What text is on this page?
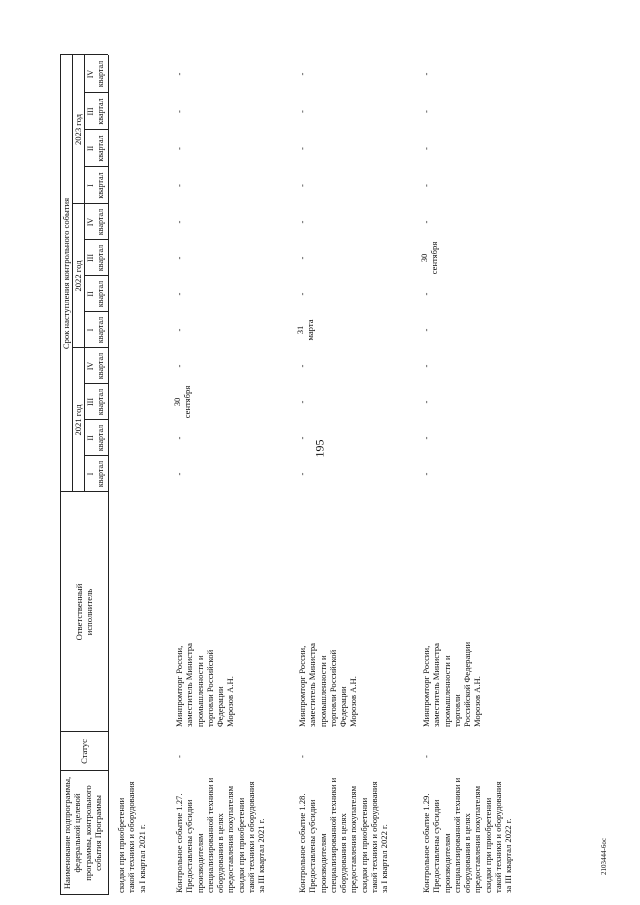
195
2103444-6ос
Наименование подпрограммы, федеральной целевой программы, контрольного события Программы
Статус
Ответственный исполнитель
Срок наступления контрольного события
2021 год
2022 год
2023 год
I квартал
II квартал
III квартал
IV квартал
I квартал
II квартал
III квартал
IV квартал
I квартал
II квартал
III квартал
IV квартал
скидки при приобретении такой техники и оборудования за I квартал 2021 г.	Контрольное событие 1.27. Предоставлены субсидии производителям специализированной техники и оборудования в целях предоставления покупателям скидки при приобретении такой техники и оборудования за III квартал 2021 г.
-
Минпромторг России, заместитель Министра промышленности и торговли Российской Федерации Морозов А.Н.
Контрольное событие 1.28. Предоставлены субсидии производителям специализированной техники и оборудования в целях предоставления покупателям скидки при приобретении такой техники и оборудования за I квартал 2022 г.
-
Минпромторг России, заместитель Министра промышленности и торговли Российской Федерации Морозов А.Н.
Контрольное событие 1.29. Предоставлены субсидии производителям специализированной техники и оборудования в целях предоставления покупателям скидки при приобретении такой техники и оборудования за III квартал 2022 г.
-
Минпромторг России, заместитель Министра промышленности и торговли Российской Федерации Морозов А.Н.
-
-
30 сентября
-
-
-
-
-
-
-
-
-
-
-
-
-
31 марта
-
-
-
-
-
-
-
-
-
-
-
-
-
30 сентября
-
-
-
-
-
